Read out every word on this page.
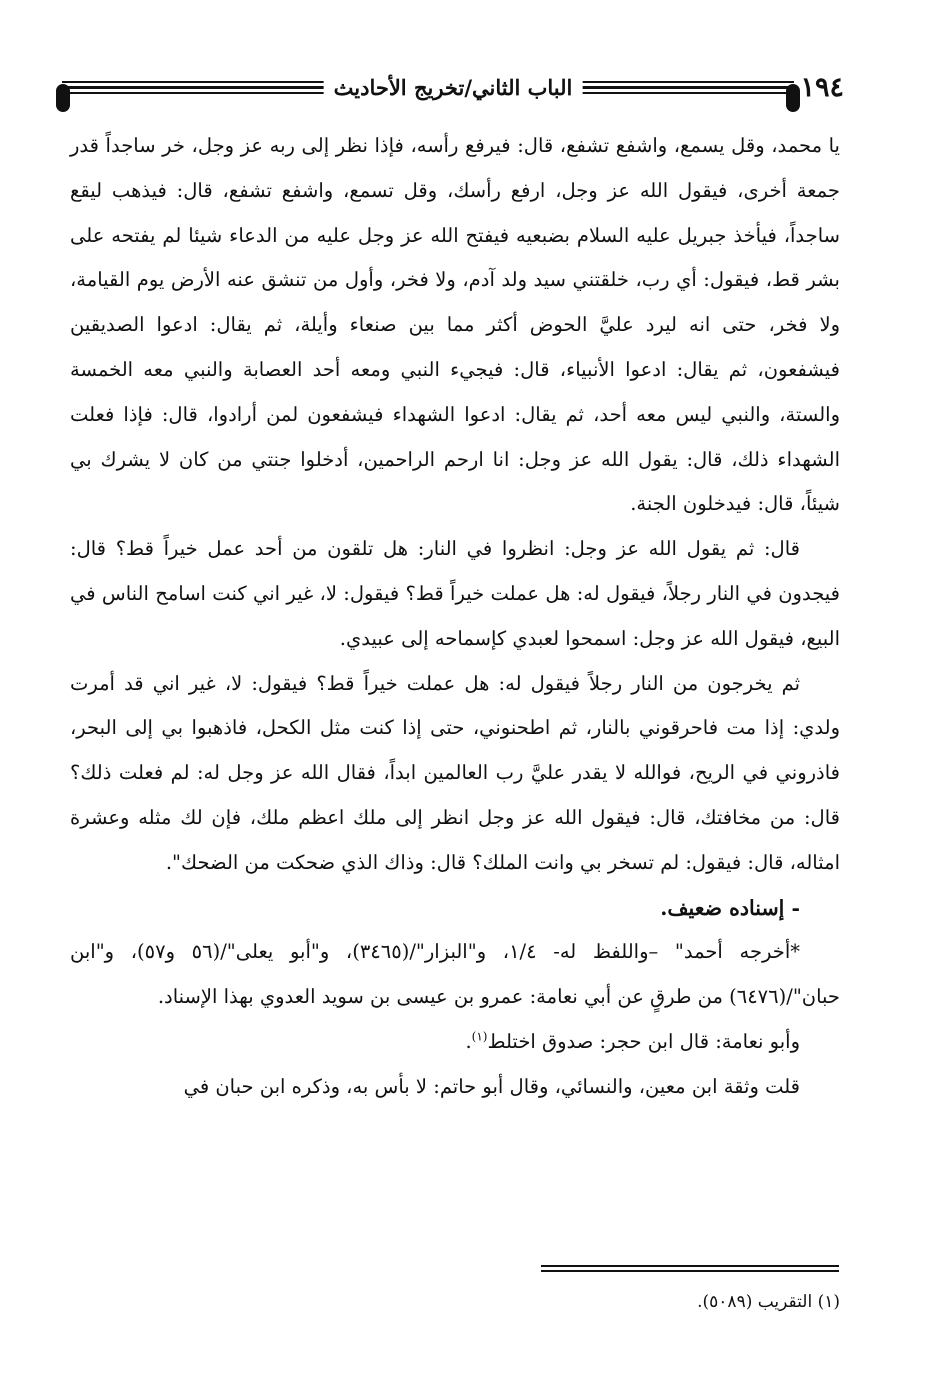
١٩٤
الباب الثاني/تخريج الأحاديث

يا محمد، وقل يسمع، واشفع تشفع، قال: فيرفع رأسه، فإذا نظر إلى ربه عز وجل، خر ساجداً قدر جمعة أخرى، فيقول الله عز وجل، ارفع رأسك، وقل تسمع، واشفع تشفع، قال: فيذهب ليقع ساجداً، فيأخذ جبريل عليه السلام بضبعيه فيفتح الله عز وجل عليه من الدعاء شيئا لم يفتحه على بشر قط، فيقول: أي رب، خلقتني سيد ولد آدم، ولا فخر، وأول من تنشق عنه الأرض يوم القيامة، ولا فخر، حتى انه ليرد عليَّ الحوض أكثر مما بين صنعاء وأيلة، ثم يقال: ادعوا الصديقين فيشفعون، ثم يقال: ادعوا الأنبياء، قال: فيجيء النبي ومعه أحد العصابة والنبي معه الخمسة والستة، والنبي ليس معه أحد، ثم يقال: ادعوا الشهداء فيشفعون لمن أرادوا، قال: فإذا فعلت الشهداء ذلك، قال: يقول الله عز وجل: انا ارحم الراحمين، أدخلوا جنتي من كان لا يشرك بي شيئاً، قال: فيدخلون الجنة.

قال: ثم يقول الله عز وجل: انظروا في النار: هل تلقون من أحد عمل خيراً قط؟ قال: فيجدون في النار رجلاً، فيقول له: هل عملت خيراً قط؟ فيقول: لا، غير اني كنت اسامح الناس في البيع، فيقول الله عز وجل: اسمحوا لعبدي كإسماحه إلى عبيدي.

ثم يخرجون من النار رجلاً فيقول له: هل عملت خيراً قط؟ فيقول: لا، غير اني قد أمرت ولدي: إذا مت فاحرقوني بالنار، ثم اطحنوني، حتى إذا كنت مثل الكحل، فاذهبوا بي إلى البحر، فاذروني في الريح، فوالله لا يقدر عليَّ رب العالمين ابداً، فقال الله عز وجل له: لم فعلت ذلك؟ قال: من مخافتك، قال: فيقول الله عز وجل انظر إلى ملك اعظم ملك، فإن لك مثله وعشرة امثاله، قال: فيقول: لم تسخر بي وانت الملك؟ قال: وذاك الذي ضحكت من الضحك".

- إسناده ضعيف.

*أخرجه أحمد" –واللفظ له- ١/٤، و"البزار"/(٣٤٦٥)، و"أبو يعلى"/(٥٦ و٥٧)، و"ابن حبان"/(٦٤٧٦) من طرقٍ عن أبي نعامة: عمرو بن عيسى بن سويد العدوي بهذا الإسناد.

وأبو نعامة: قال ابن حجر: صدوق اختلط$^{(١)}$.

قلت وثقة ابن معين، والنسائي، وقال أبو حاتم: لا بأس به، وذكره ابن حبان في

(١) التقريب (٥٠٨٩).
